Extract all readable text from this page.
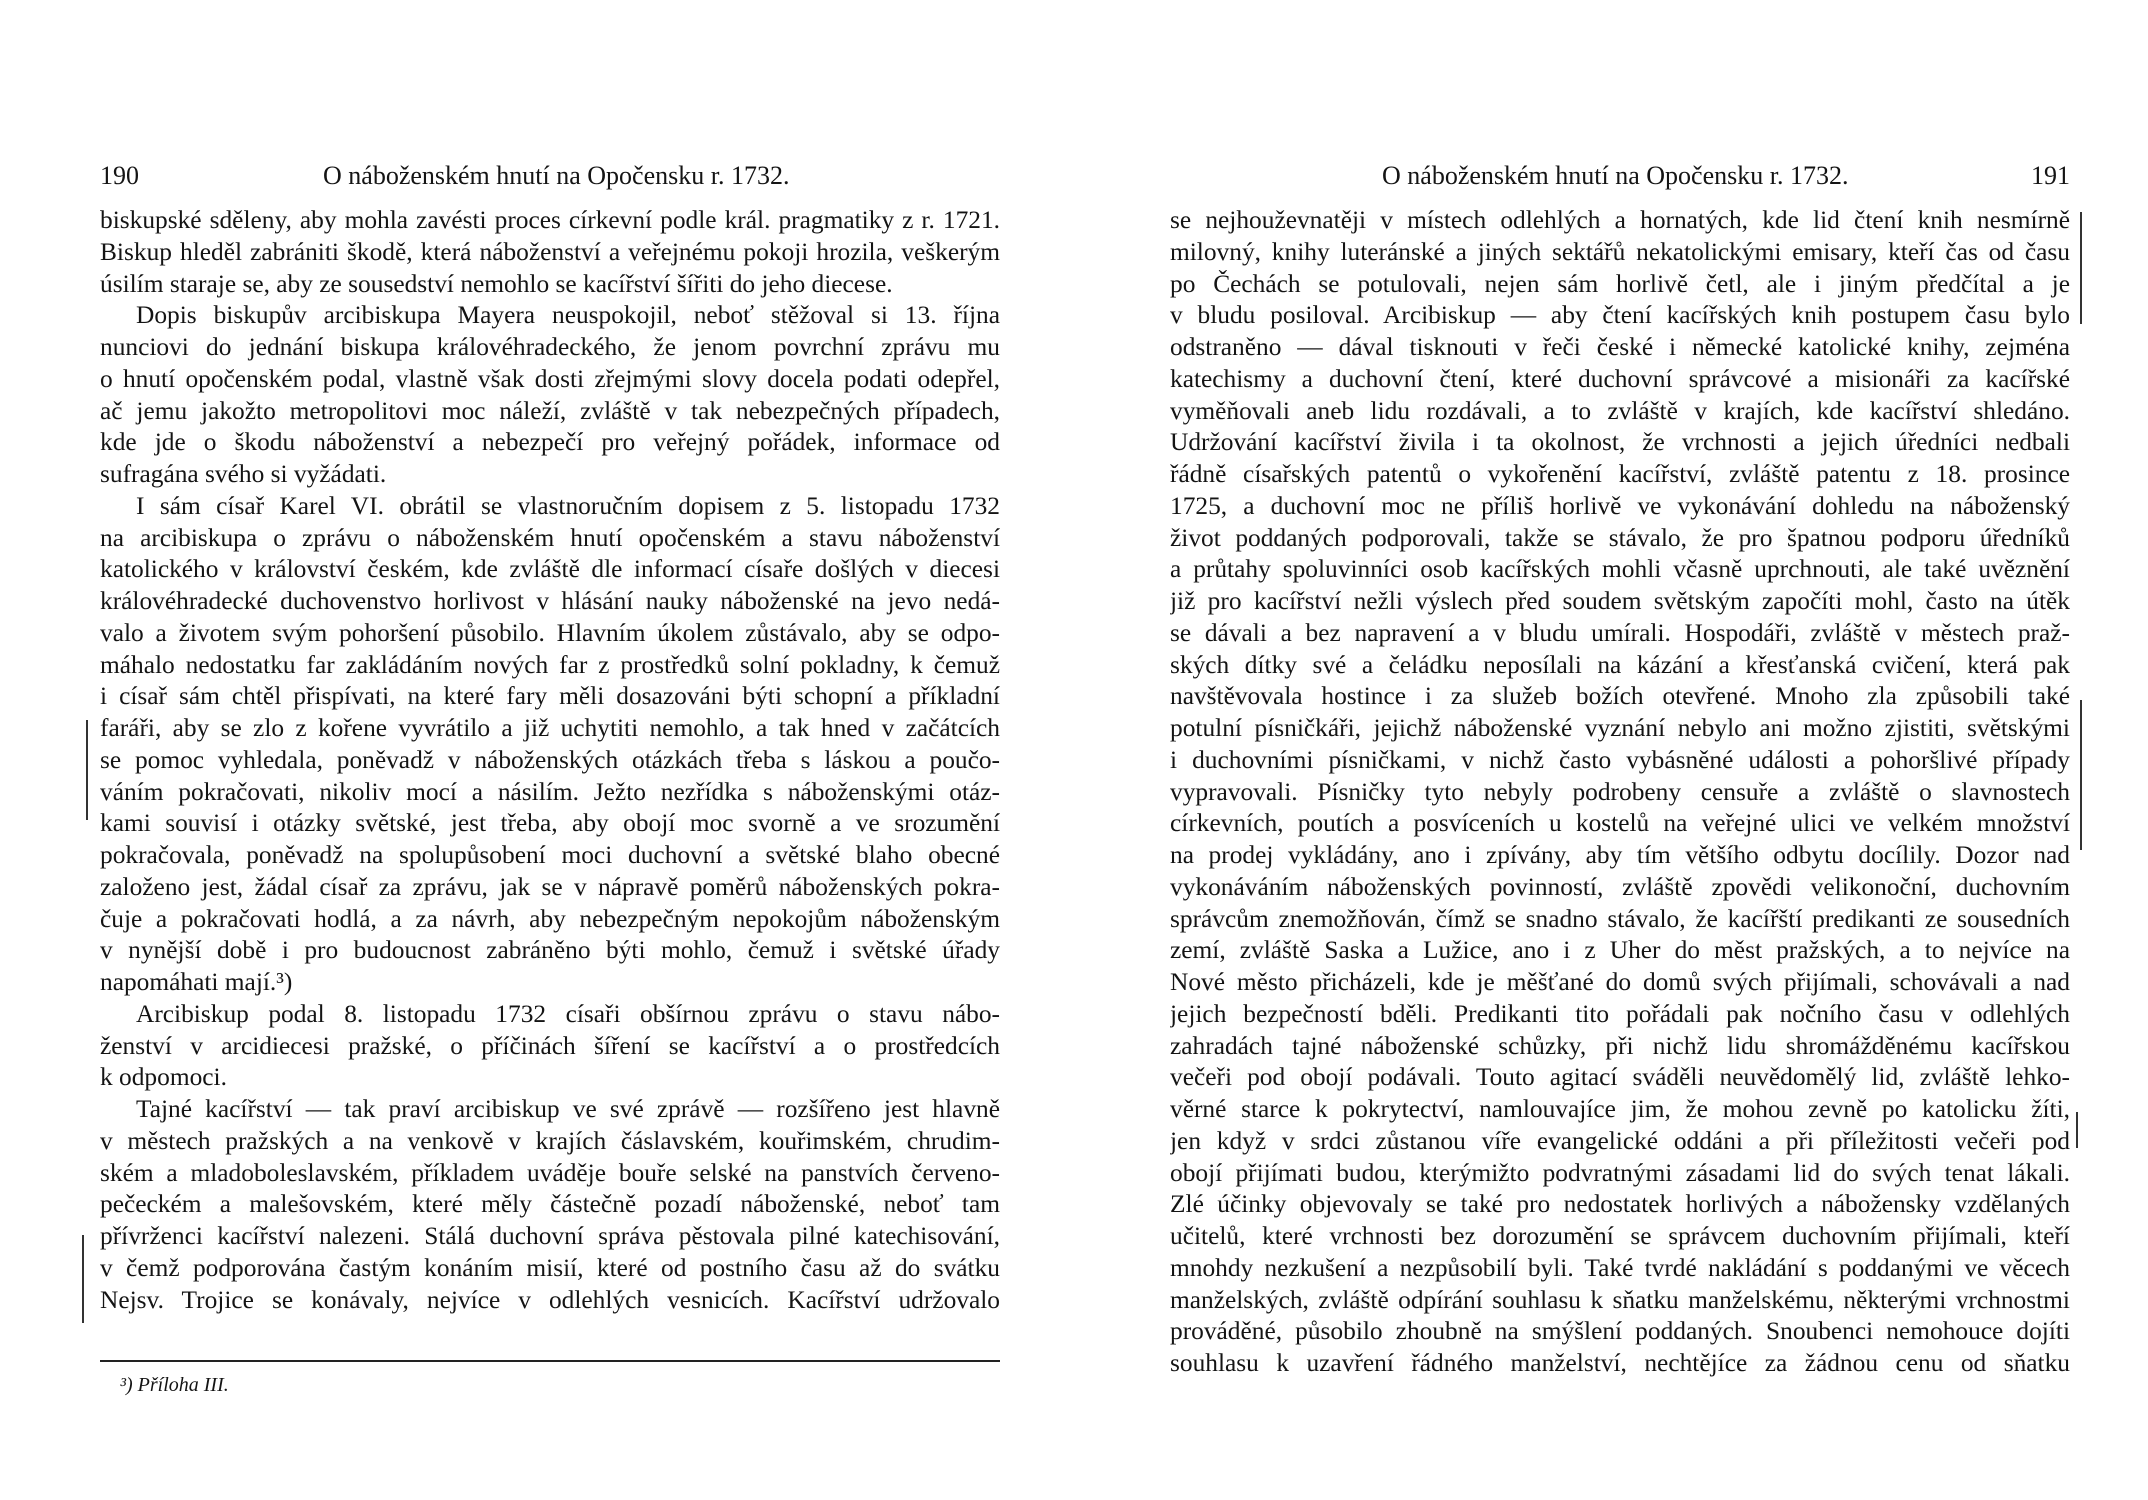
190	O náboženském hnutí na Opočensku r. 1732.
biskupské sděleny, aby mohla zavésti proces církevní podle král. pragmatiky z r. 1721.
Biskup hleděl zabrániti škodě, která náboženství a veřejnému pokoji hrozila, veškerým
úsilím staraje se, aby ze sousedství nemohlo se kacířství šířiti do jeho diecese.
Dopis biskupův arcibiskupa Mayera neuspokojil, neboť stěžoval si 13. října
nunciovi do jednání biskupa královéhradeckého, že jenom povrchní zprávu mu
o hnutí opočenském podal, vlastně však dosti zřejmými slovy docela podati odepřel,
ač jemu jakožto metropolitovi moc náleží, zvláště v tak nebezpečných případech,
kde jde o škodu náboženství a nebezpečí pro veřejný pořádek, informace od
sufragána svého si vyžádati.
I sám císař Karel VI. obrátil se vlastnoručním dopisem z 5. listopadu 1732
na arcibiskupa o zprávu o náboženském hnutí opočenském a stavu náboženství
katolického v království českém, kde zvláště dle informací císaře došlých v diecesi
královéhradecké duchovenstvo horlivost v hlásání nauky náboženské na jevo nedá-
valo a životem svým pohoršení působilo. Hlavním úkolem zůstávalo, aby se odpo-
máhalo nedostatku far zakládáním nových far z prostředků solní pokladny, k čemuž
i císař sám chtěl přispívati, na které fary měli dosazováni býti schopní a příkladní
faráři, aby se zlo z kořene vyvrátilo a již uchytiti nemohlo, a tak hned v začátcích
se pomoc vyhledala, poněvadž v náboženských otázkách třeba s láskou a poučo-
váním pokračovati, nikoliv mocí a násilím. Ježto nezřídka s náboženskými otáz-
kami souvisí i otázky světské, jest třeba, aby obojí moc svorně a ve srozumění
pokračovala, poněvadž na spolupůsobení moci duchovní a světské blaho obecné
založeno jest, žádal císař za zprávu, jak se v nápravě poměrů náboženských pokra-
čuje a pokračovati hodlá, a za návrh, aby nebezpečným nepokojům náboženským
v nynější době i pro budoucnost zabráněno býti mohlo, čemuž i světské úřady
napomáhati mají.³)
Arcibiskup podal 8. listopadu 1732 císaři obšírnou zprávu o stavu nábo-
ženství v arcidiecesi pražské, o příčinách šíření se kacířství a o prostředcích
k odpomoci.
Tajné kacířství — tak praví arcibiskup ve své zprávě — rozšířeno jest hlavně
v městech pražských a na venkově v krajích čáslavském, kouřimském, chrudim-
ském a mladoboleslavském, příkladem uváděje bouře selské na panstvích červeno-
pečeckém a malešovském, které měly částečně pozadí náboženské, neboť tam
přívrženci kacířství nalezeni. Stálá duchovní správa pěstovala pilné katechisování,
v čemž podporována častým konáním misií, které od postního času až do svátku
Nejsv. Trojice se konávaly, nejvíce v odlehlých vesnicích. Kacířství udržovalo
³) Příloha III.
O náboženském hnutí na Opočensku r. 1732.	191
se nejhouževnatěji v místech odlehlých a hornatých, kde lid čtení knih nesmírně
milovný, knihy luteránské a jiných sektářů nekatolickými emisary, kteří čas od času
po Čechách se potulovali, nejen sám horlivě četl, ale i jiným předčítal a je
v bludu posiloval. Arcibiskup — aby čtení kacířských knih postupem času bylo
odstraněno — dával tisknouti v řeči české i německé katolické knihy, zejména
katechismy a duchovní čtení, které duchovní správcové a misionáři za kacířské
vyměňovali aneb lidu rozdávali, a to zvláště v krajích, kde kacířství shledáno.
Udržování kacířství živila i ta okolnost, že vrchnosti a jejich úředníci nedbali
řádně císařských patentů o vykořenění kacířství, zvláště patentu z 18. prosince
1725, a duchovní moc ne příliš horlivě ve vykonávání dohledu na náboženský
život poddaných podporovali, takže se stávalo, že pro špatnou podporu úředníků
a průtahy spoluvinníci osob kacířských mohli včasně uprchnouti, ale také uvěznění
již pro kacířství nežli výslech před soudem světským započíti mohl, často na útěk
se dávali a bez napravení a v bludu umírali. Hospodáři, zvláště v městech praž-
ských dítky své a čeládku neposílali na kázání a křesťanská cvičení, která pak
navštěvovala hostince i za služeb božích otevřené. Mnoho zla způsobili také
potulní písničkáři, jejichž náboženské vyznání nebylo ani možno zjistiti, světskými
i duchovními písničkami, v nichž často vybásněné události a pohoršlivé případy
vypravovali. Písničky tyto nebyly podrobeny censuře a zvláště o slavnostech
církevních, poutích a posvíceních u kostelů na veřejné ulici ve velkém množství
na prodej vykládány, ano i zpívány, aby tím většího odbytu docílily. Dozor nad
vykonáváním náboženských povinností, zvláště zpovědi velikonoční, duchovním
správcům znemožňován, čímž se snadno stávalo, že kacířští predikanti ze sousedních
zemí, zvláště Saska a Lužice, ano i z Uher do měst pražských, a to nejvíce na
Nové město přicházeli, kde je měšťané do domů svých přijímali, schovávali a nad
jejich bezpečností bděli. Predikanti tito pořádali pak nočního času v odlehlých
zahradách tajné náboženské schůzky, při nichž lidu shromážděnému kacířskou
večeři pod obojí podávali. Touto agitací sváděli neuvědomělý lid, zvláště lehko-
věrné starce k pokrytectví, namlouvajíce jim, že mohou zevně po katolicku žíti,
jen když v srdci zůstanou víře evangelické oddáni a při příležitosti večeři pod
obojí přijímati budou, kterýmižto podvratnými zásadami lid do svých tenat lákali.
Zlé účinky objevovaly se také pro nedostatek horlivých a nábožensky vzdělaných
učitelů, které vrchnosti bez dorozumění se správcem duchovním přijímali, kteří
mnohdy nezkušení a nezpůsobilí byli. Také tvrdé nakládání s poddanými ve věcech
manželských, zvláště odpírání souhlasu k sňatku manželskému, některými vrchnostmi
prováděné, působilo zhoubně na smýšlení poddaných. Snoubenci nemohouce dojíti
souhlasu k uzavření řádného manželství, nechtějíce za žádnou cenu od sňatku
